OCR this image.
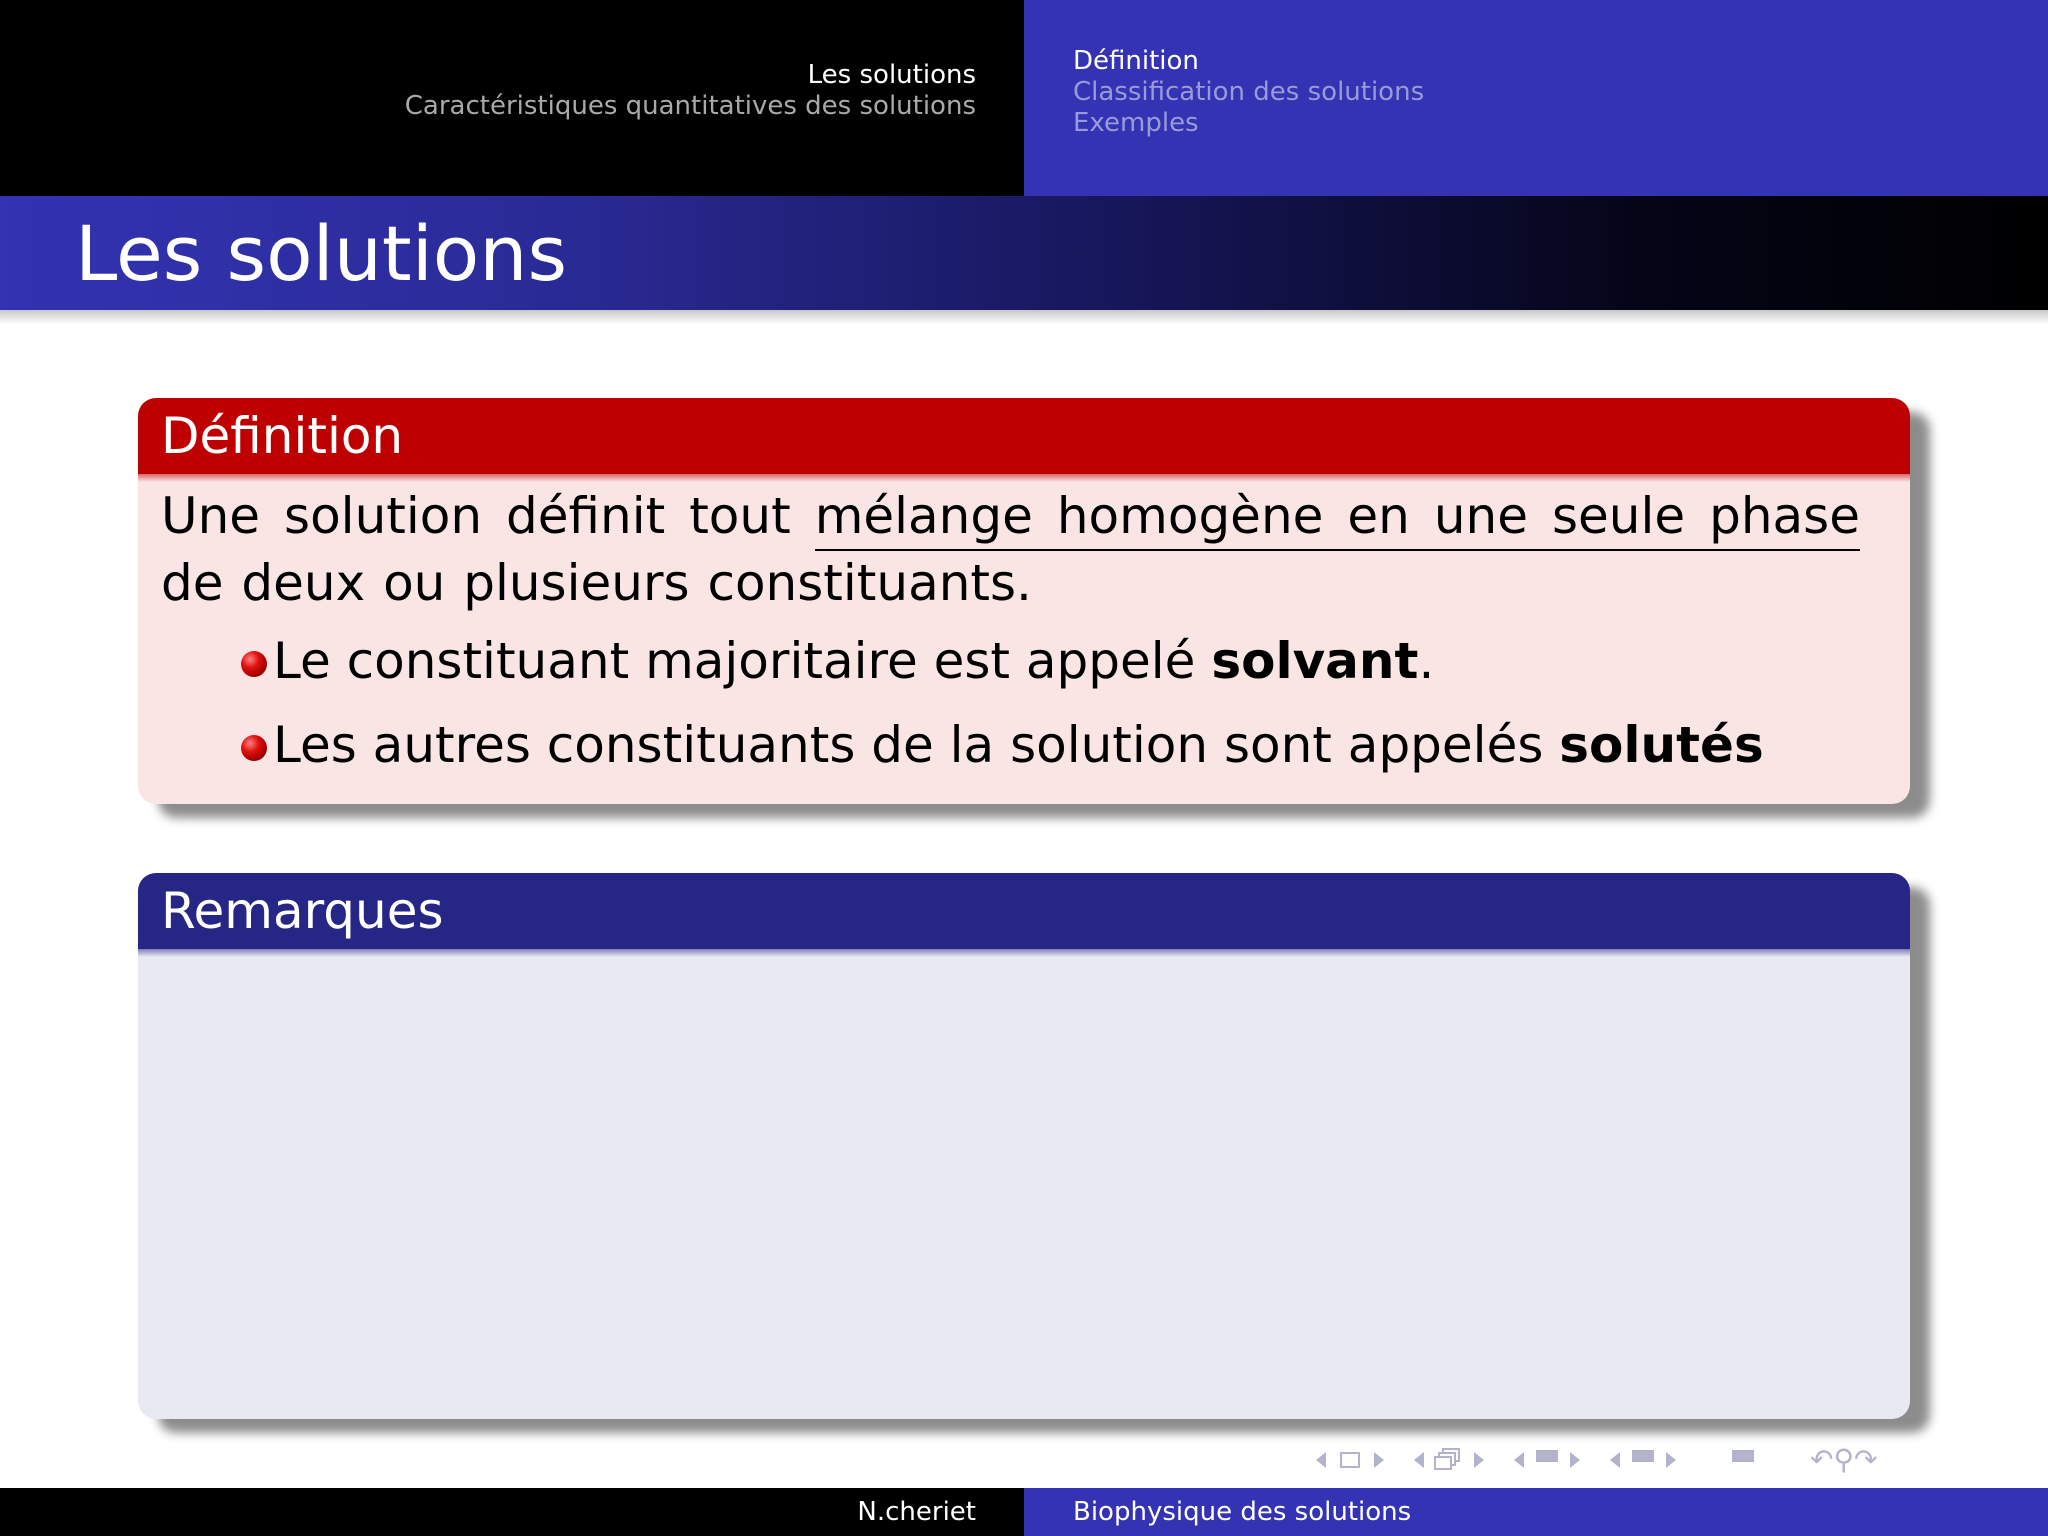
Les solutions
Caractéristiques quantitatives des solutions
Définition
Classification des solutions
Exemples
Les solutions
Définition

Une solution définit tout mélange homogène en une seule phase de deux ou plusieurs constituants.

Le constituant majoritaire est appelé solvant.
Les autres constituants de la solution sont appelés solutés
Remarques
↶ ⚲ ↷
N.cheriet	Biophysique des solutions
